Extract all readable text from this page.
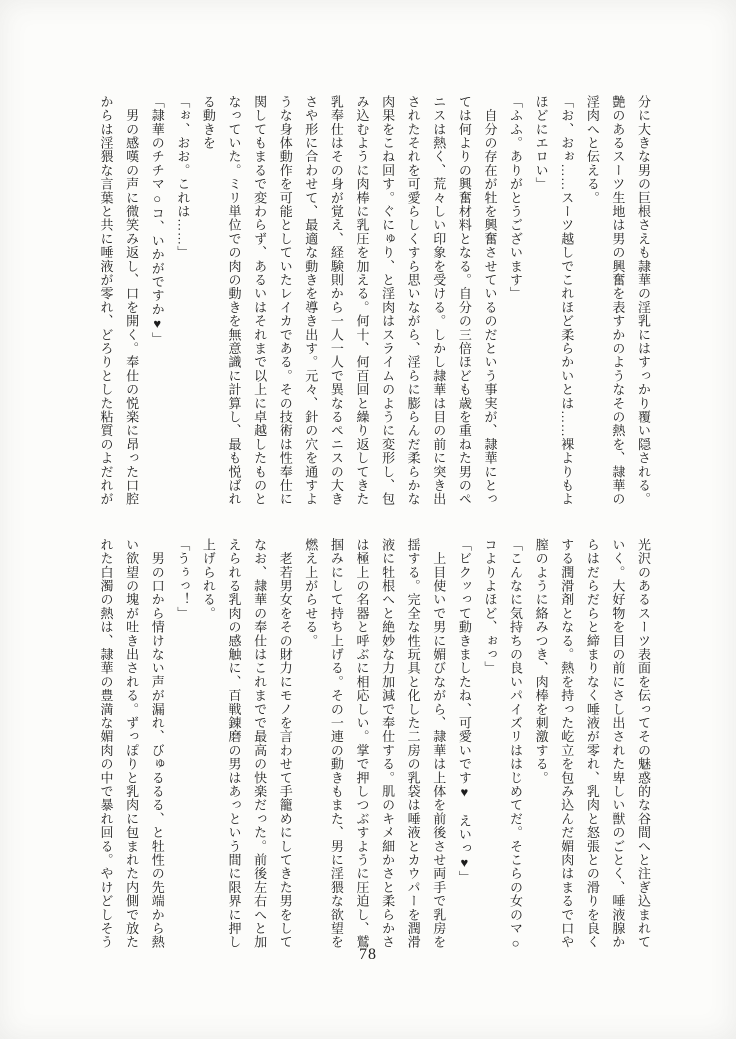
分に大きな男の巨根さえも隷華の淫乳にはすっかり覆い隠される。
艶のあるスーツ生地は男の興奮を表すかのようなその熱を、隷華の
淫肉へと伝える。
「お、おぉ……スーツ越しでこれほど柔らかいとは……裸よりもよ
ほどにエロい」
「ふふ。ありがとうございます」
　自分の存在が牡を興奮させているのだという事実が、隷華にとっ
ては何よりの興奮材料となる。自分の三倍ほども歳を重ねた男のペ
ニスは熱く、荒々しい印象を受ける。しかし隷華は目の前に突き出
されたそれを可愛らしくすら思いながら、淫らに膨らんだ柔らかな
肉果をこね回す。ぐにゅり、と淫肉はスライムのように変形し、包
み込むように肉棒に乳圧を加える。何十、何百回と繰り返してきた
乳奉仕はその身が覚え、経験則から一人一人で異なるペニスの大き
さや形に合わせて、最適な動きを導き出す。元々、針の穴を通すよ
うな身体動作を可能としていたレイカである。その技術は性奉仕に
関してもまるで変わらず、あるいはそれまで以上に卓越したものと
なっていた。ミリ単位での肉の動きを無意識に計算し、最も悦ばれ
る動きを
「ぉ、おお。これは……」
「隷華のチチマ○コ、いかがですか♥」
　男の感嘆の声に微笑み返し、口を開く。奉仕の悦楽に昂った口腔
からは淫猥な言葉と共に唾液が零れ、どろりとした粘質のよだれが
光沢のあるスーツ表面を伝ってその魅惑的な谷間へと注ぎ込まれて
いく。大好物を目の前にさし出された卑しい獣のごとく、唾液腺か
らはだらだらと締まりなく唾液が零れ、乳肉と怒張との滑りを良く
する潤滑剤となる。熱を持った屹立を包み込んだ媚肉はまるで口や
膣のように絡みつき、肉棒を刺激する。
「こんなに気持ちの良いパイズリははじめてだ。そこらの女のマ○
コよりよほど、ぉっ」
「ビクッって動きましたね、可愛いです♥　えいっ♥」
　上目使いで男に媚びながら、隷華は上体を前後させ両手で乳房を
揺する。完全な性玩具と化した二房の乳袋は唾液とカウパーを潤滑
液に牡根へと絶妙な力加減で奉仕する。肌のキメ細かさと柔らかさ
は極上の名器と呼ぶに相応しい。掌で押しつぶすように圧迫し、鷲
掴みにして持ち上げる。その一連の動きもまた、男に淫猥な欲望を
燃え上がらせる。
　老若男女をその財力にモノを言わせて手籠めにしてきた男をして
なお、隷華の奉仕はこれまでで最高の快楽だった。前後左右へと加
えられる乳肉の感触に、百戦錬磨の男はあっという間に限界に押し
上げられる。
「うぅっ！」
　男の口から情けない声が漏れ、びゅるるる、と牡性の先端から熱
い欲望の塊が吐き出される。ずっぽりと乳肉に包まれた内側で放た
れた白濁の熱は、隷華の豊満な媚肉の中で暴れ回る。やけどしそう
78
